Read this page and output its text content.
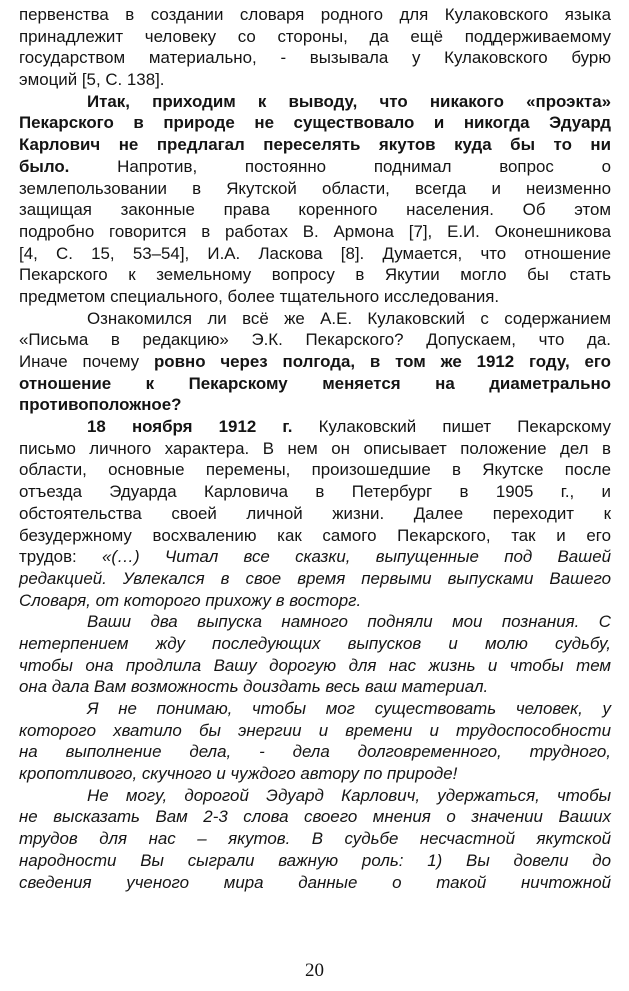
первенства в создании словаря родного для Кулаковского языка
принадлежит человеку со стороны, да ещё поддерживаемому
государством материально, - вызывала у Кулаковского бурю
эмоций [5, С. 138].
Итак, приходим к выводу, что никакого «проэкта»
Пекарского в природе не существовало и никогда Эдуард
Карлович не предлагал переселять якутов куда бы то ни
было. Напротив, постоянно поднимал вопрос о
землепользовании в Якутской области, всегда и неизменно
защищая законные права коренного населения. Об этом
подробно говорится в работах В. Армона [7], Е.И. Оконешникова
[4, С. 15, 53–54], И.А. Ласкова [8]. Думается, что отношение
Пекарского к земельному вопросу в Якутии могло бы стать
предметом специального, более тщательного исследования.
Ознакомился ли всё же А.Е. Кулаковский с содержанием
«Письма в редакцию» Э.К. Пекарского? Допускаем, что да.
Иначе почему ровно через полгода, в том же 1912 году, его
отношение к Пекарскому меняется на диаметрально
противоположное?
18 ноября 1912 г. Кулаковский пишет Пекарскому
письмо личного характера. В нем он описывает положение дел в
области, основные перемены, произошедшие в Якутске после
отъезда Эдуарда Карловича в Петербург в 1905 г., и
обстоятельства своей личной жизни. Далее переходит к
безудержному восхвалению как самого Пекарского, так и его
трудов: «(…) Читал все сказки, выпущенные под Вашей
редакцией. Увлекался в свое время первыми выпусками Вашего
Словаря, от которого прихожу в восторг.
Ваши два выпуска намного подняли мои познания. С
нетерпением жду последующих выпусков и молю судьбу,
чтобы она продлила Вашу дорогую для нас жизнь и чтобы тем
она дала Вам возможность доиздать весь ваш материал.
Я не понимаю, чтобы мог существовать человек, у
которого хватило бы энергии и времени и трудоспособности
на выполнение дела, - дела долговременного, трудного,
кропотливого, скучного и чуждого автору по природе!
Не могу, дорогой Эдуард Карлович, удержаться, чтобы
не высказать Вам 2-3 слова своего мнения о значении Ваших
трудов для нас – якутов. В судьбе несчастной якутской
народности Вы сыграли важную роль: 1) Вы довели до
сведения ученого мира данные о такой ничтожной
20
